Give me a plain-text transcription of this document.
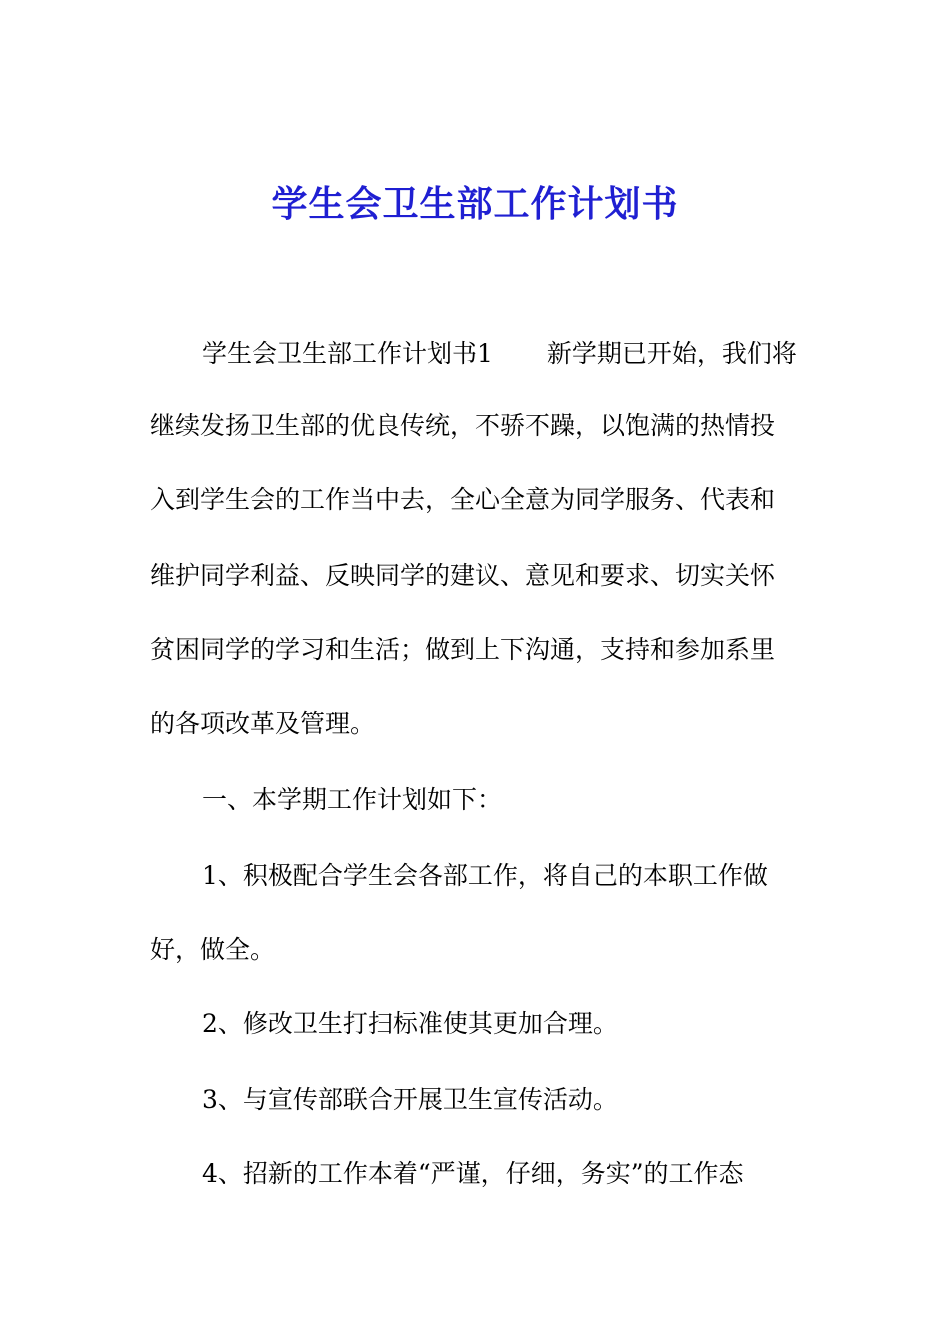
学生会卫生部工作计划书

学生会卫生部工作计划书1 新学期已开始，我们将

继续发扬卫生部的优良传统，不骄不躁，以饱满的热情投

入到学生会的工作当中去，全心全意为同学服务、代表和

维护同学利益、反映同学的建议、意见和要求、切实关怀

贫困同学的学习和生活；做到上下沟通，支持和参加系里

的各项改革及管理。

一、本学期工作计划如下：

1、积极配合学生会各部工作，将自己的本职工作做

好，做全。

2、修改卫生打扫标准使其更加合理。

3、与宣传部联合开展卫生宣传活动。

4、招新的工作本着“严谨，仔细，务实”的工作态
